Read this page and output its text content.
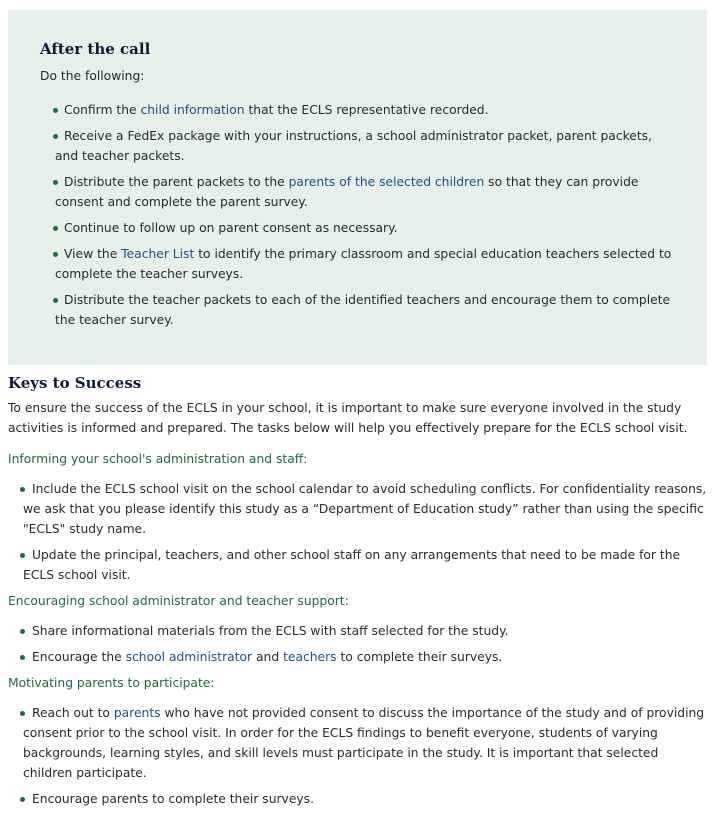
After the call

Do the following:

Confirm the child information that the ECLS representative recorded.
Receive a FedEx package with your instructions, a school administrator packet, parent packets, and teacher packets.
Distribute the parent packets to the parents of the selected children so that they can provide consent and complete the parent survey.
Continue to follow up on parent consent as necessary.
View the Teacher List to identify the primary classroom and special education teachers selected to complete the teacher surveys.
Distribute the teacher packets to each of the identified teachers and encourage them to complete the teacher survey.
Keys to Success

To ensure the success of the ECLS in your school, it is important to make sure everyone involved in the study activities is informed and prepared. The tasks below will help you effectively prepare for the ECLS school visit.

Informing your school's administration and staff:
Include the ECLS school visit on the school calendar to avoid scheduling conflicts. For confidentiality reasons, we ask that you please identify this study as a “Department of Education study” rather than using the specific "ECLS" study name.
Update the principal, teachers, and other school staff on any arrangements that need to be made for the ECLS school visit.
Encouraging school administrator and teacher support:
Share informational materials from the ECLS with staff selected for the study.
Encourage the school administrator and teachers to complete their surveys.
Motivating parents to participate:
Reach out to parents who have not provided consent to discuss the importance of the study and of providing consent prior to the school visit. In order for the ECLS findings to benefit everyone, students of varying backgrounds, learning styles, and skill levels must participate in the study. It is important that selected children participate.
Encourage parents to complete their surveys.
